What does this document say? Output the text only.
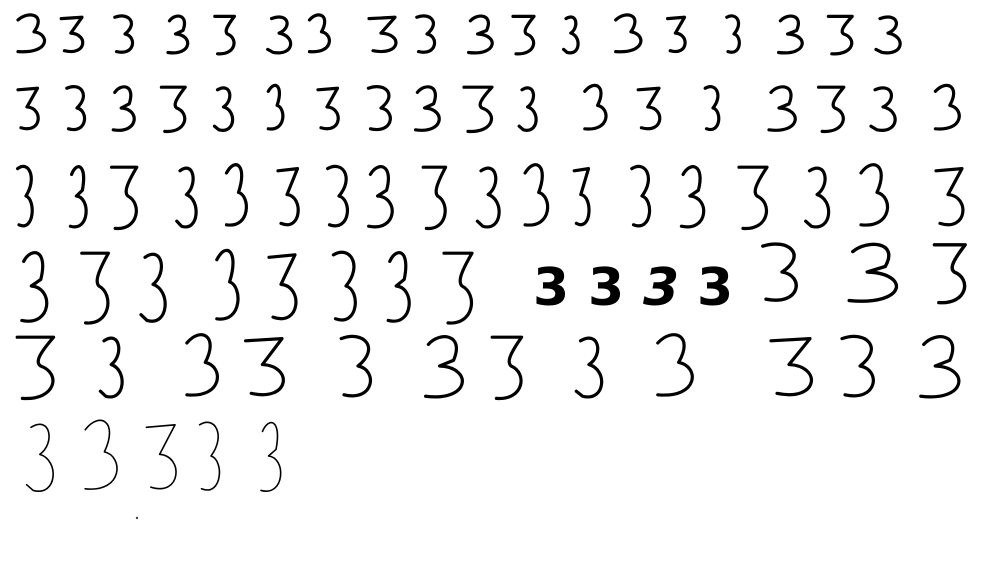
3 3 3 3
